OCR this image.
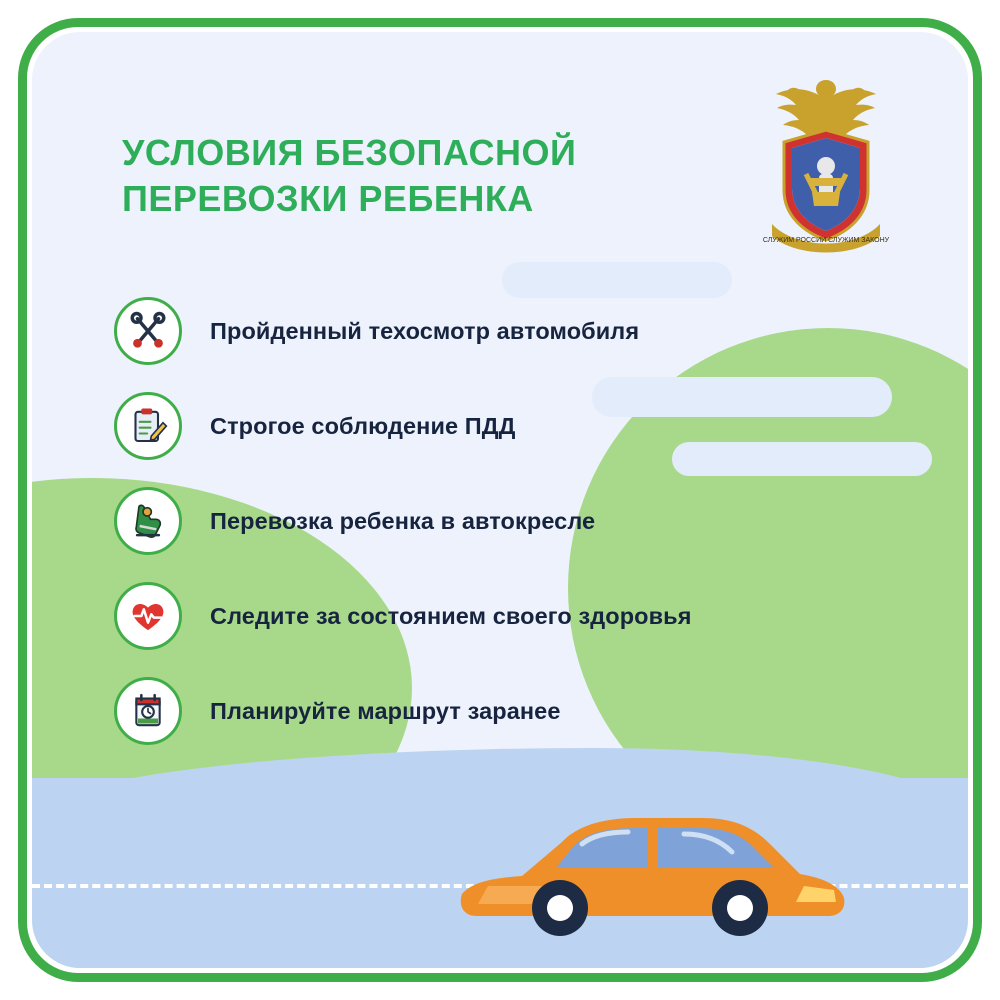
УСЛОВИЯ БЕЗОПАСНОЙ
ПЕРЕВОЗКИ РЕБЕНКА
СЛУЖИМ РОССИИ СЛУЖИМ ЗАКОНУ
Пройденный техосмотр автомобиля
Строгое соблюдение ПДД
Перевозка ребенка в автокресле
Следите за состоянием своего здоровья
Планируйте маршрут заранее
